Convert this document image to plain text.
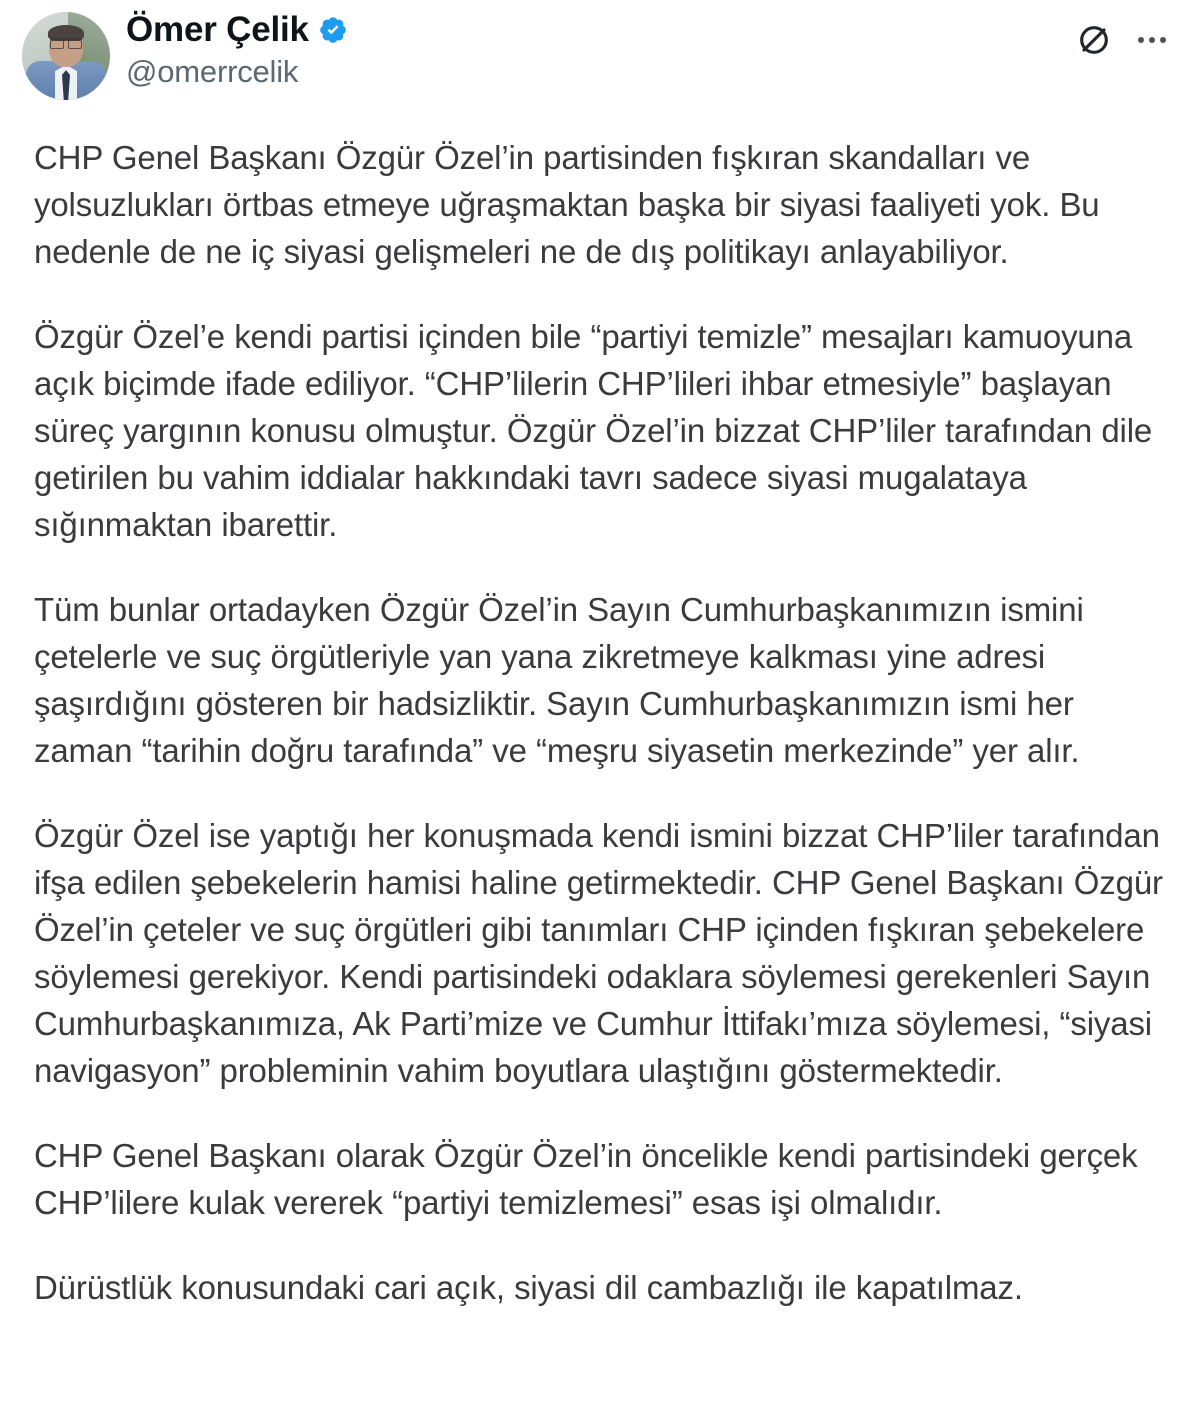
Ömer Çelik
@omerrcelik

CHP Genel Başkanı Özgür Özel’in partisinden fışkıran skandalları ve yolsuzlukları örtbas etmeye uğraşmaktan başka bir siyasi faaliyeti yok. Bu nedenle de ne iç siyasi gelişmeleri ne de dış politikayı anlayabiliyor.

Özgür Özel’e kendi partisi içinden bile “partiyi temizle” mesajları kamuoyuna açık biçimde ifade ediliyor. “CHP’lilerin CHP’lileri ihbar etmesiyle” başlayan süreç yargının konusu olmuştur. Özgür Özel’in bizzat CHP’liler tarafından dile getirilen bu vahim iddialar hakkındaki tavrı sadece siyasi mugalataya sığınmaktan ibarettir.

Tüm bunlar ortadayken Özgür Özel’in Sayın Cumhurbaşkanımızın ismini çetelerle ve suç örgütleriyle yan yana zikretmeye kalkması yine adresi şaşırdığını gösteren bir hadsizliktir. Sayın Cumhurbaşkanımızın ismi her zaman “tarihin doğru tarafında” ve “meşru siyasetin merkezinde” yer alır.

Özgür Özel ise yaptığı her konuşmada kendi ismini bizzat CHP’liler tarafından ifşa edilen şebekelerin hamisi haline getirmektedir. CHP Genel Başkanı Özgür Özel’in çeteler ve suç örgütleri gibi tanımları CHP içinden fışkıran şebekelere söylemesi gerekiyor. Kendi partisindeki odaklara söylemesi gerekenleri Sayın Cumhurbaşkanımıza, Ak Parti’mize ve Cumhur İttifakı’mıza söylemesi, “siyasi navigasyon” probleminin vahim boyutlara ulaştığını göstermektedir.

CHP Genel Başkanı olarak Özgür Özel’in öncelikle kendi partisindeki gerçek CHP’lilere kulak vererek “partiyi temizlemesi” esas işi olmalıdır.

Dürüstlük konusundaki cari açık, siyasi dil cambazlığı ile kapatılmaz.
